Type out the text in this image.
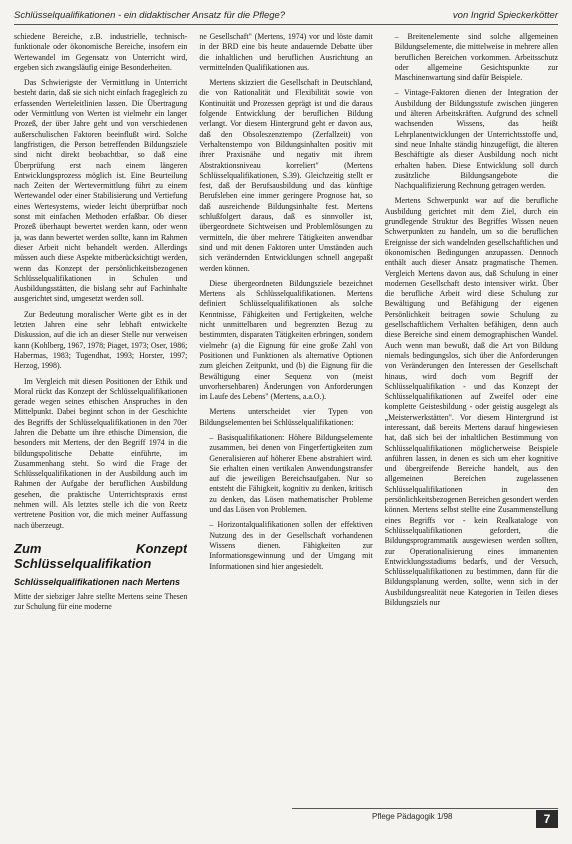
Schlüsselqualifikationen - ein didaktischer Ansatz für die Pflege?	von Ingrid Spieckerkötter

schiedene Bereiche, z.B. industrielle, technisch-funktionale oder ökonomische Bereiche, insofern ein Wertewandel im Gegensatz von Unterricht wird, ergeben sich zwangsläufig einige Besonderheiten.

Das Schwierigste der Vermittlung in Unterricht besteht darin, daß sie sich nicht einfach fragegleich zu erfassenden Werteleitlinien lassen. Die Übertragung oder Vermittlung von Werten ist vielmehr ein langer Prozeß, der über Jahre geht und von verschiedenen außerschulischen Faktoren beeinflußt wird. Solche langfristigen, die Person betreffenden Bildungsziele sind nicht direkt beobachtbar, so daß eine Überprüfung erst nach einem längeren Entwicklungsprozess möglich ist. Eine Beurteilung nach Zeiten der Wertevermittlung führt zu einem Wertewandel oder einer Stabilisierung und Vertiefung eines Wertesystems, wieder leicht überprüfbar noch sonst mit einfachen Methoden erfaßbar. Ob dieser Prozeß überhaupt bewertet werden kann, oder wenn ja, was dann bewertet werden sollte, kann im Rahmen dieser Arbeit nicht behandelt werden. Allerdings müssen auch diese Aspekte mitberücksichtigt werden, wenn das Konzept der persönlichkeitsbezogenen Schlüsselqualifikationen in Schulen und Ausbildungsstätten, die bislang sehr auf Fachinhalte ausgerichtet sind, umgesetzt werden soll.

Zur Bedeutung moralischer Werte gibt es in der letzten Jahren eine sehr lebhaft entwickelte Diskussion, auf die ich an dieser Stelle nur verweisen kann (Kohlberg, 1967, 1978; Piaget, 1973; Oser, 1986; Habermas, 1983; Tugendhat, 1993; Horster, 1997; Herzog, 1998).

Im Vergleich mit diesen Positionen der Ethik und Moral rückt das Konzept der Schlüsselqualifikationen gerade wegen seines ethischen Anspruches in den Mittelpunkt. Dabei beginnt schon in der Geschichte des Begriffs der Schlüsselqualifikationen in den 70er Jahren die Debatte um ihre ethische Dimension, die besonders mit Mertens, der den Begriff 1974 in die bildungspolitische Debatte einführte, im Zusammenhang steht. So wird die Frage der Schlüsselqualifikationen in der Ausbildung auch im Rahmen der Aufgabe der beruflichen Ausbildung gesehen, die praktische Unterrichtspraxis ernst nehmen will. Als letztes stelle ich die von Reetz vertretene Position vor, die mich meiner Auffassung nach überzeugt.

Zum Konzept Schlüsselqualifikation
Schlüsselqualifikationen nach Mertens

Mitte der siebziger Jahre stellte Mertens seine Thesen zur Schulung für eine moderne

ne Gesellschaft" (Mertens, 1974) vor und löste damit in der BRD eine bis heute andauernde Debatte über die inhaltlichen und beruflichen Ausrichtung an vermittelnden Qualifikationen aus.

Mertens skizziert die Gesellschaft in Deutschland, die von Rationalität und Flexibilität sowie von Kontinuität und Prozessen geprägt ist und die daraus folgende Entwicklung der beruflichen Bildung verlangt. Vor diesem Hintergrund geht er davon aus, daß den Obsoleszenztempo (Zerfallzeit) von Verhaltenstempo von Bildungsinhalten positiv mit ihrer Praxisnähe und negativ mit ihrem Abstraktionsniveau korreliert" (Mertens Schlüsselqualifikationen, S.39). Gleichzeitig stellt er fest, daß der Berufsausbildung und das künftige Berufsleben eine immer geringere Prognose hat, so daß ausreichende Bildungsinhalte fest. Mertens schlußfolgert daraus, daß es sinnvoller ist, übergeordnete Sichtweisen und Problemlösungen zu vermitteln, die über mehrere Tätigkeiten anwendbar sind und mit denen Faktoren unter Umständen auch sich verändernden Entwicklungen schnell angepaßt werden können.

Diese übergeordneten Bildungsziele bezeichnet Mertens als Schlüsselqualifikationen. Mertens definiert Schlüsselqualifikationen als solche Kenntnisse, Fähigkeiten und Fertigkeiten, welche nicht unmittelbaren und begrenzten Bezug zu bestimmten, disparaten Tätigkeiten erbringen, sondern vielmehr (a) die Eignung für eine große Zahl von Positionen und Funktionen als alternative Optionen zum gleichen Zeitpunkt, und (b) die Eignung für die Bewältigung einer Sequenz von (meist unvorhersehbaren) Änderungen von Anforderungen im Laufe des Lebens" (Mertens, a.a.O.).

Mertens unterscheidet vier Typen von Bildungselementen bei Schlüsselqualifikationen:

– Basisqualifikationen: Höhere Bildungselemente zusammen, bei denen von Fingerfertigkeiten zum Generalisieren auf höherer Ebene abstrahiert wird. Sie erhalten einen vertikalen Anwendungstransfer auf die jeweiligen Bereichsaufgaben. Nur so entsteht die Fähigkeit, kognitiv zu denken, kritisch zu denken, das Lösen mathematischer Probleme und das Lösen von Problemen.

– Horizontalqualifikationen sollen der effektiven Nutzung des in der Gesellschaft vorhandenen Wissens dienen. Fähigkeiten zur Informationsgewinnung und der Umgang mit Informationen sind hier angesiedelt.

– Breitenelemente sind solche allgemeinen Bildungselemente, die mittelweise in mehrere allen beruflichen Bereichen vorkommen. Arbeitsschutz oder allgemeine Gesichtspunkte zur Maschinenwartung sind dafür Beispiele.

– Vintage-Faktoren dienen der Integration der Ausbildung der Bildungsstufe zwischen jüngeren und älteren Arbeitskräften. Aufgrund des schnell wachsenden Wissens, das heißt Lehrplanentwicklungen der Unterrichtsstoffe und, sind neue Inhalte ständig hinzugefügt, die älteren Beschäftigte als dieser Ausbildung noch nicht erhalten haben. Diese Entwicklung soll durch zusätzliche Bildungsangebote die Nachqualifizierung Rechnung getragen werden.

Mertens Schwerpunkt war auf die berufliche Ausbildung gerichtet mit dem Ziel, durch ein grundlegende Struktur des Begriffes Wissen neuen Schwerpunkten zu handeln, um so die beruflichen Ereignisse der sich wandelnden gesellschaftlichen und ökonomischen Bedingungen anzupassen. Dennoch enthält auch dieser Ansatz pragmatische Themen. Vergleich Mertens davon aus, daß Schulung in einer modernen Gesellschaft desto intensiver wirkt. Über die berufliche Arbeit wird diese Schulung zur Bewältigung und Befähigung der eigenen Persönlichkeit beitragen sowie Schulung zu gesellschaftlichem Verhalten befähigen, denn auch diese Bereiche sind einem demographischen Wandel. Auch wenn man bewußt, daß die Art von Bildung niemals bedingungslos, sich über die Anforderungen von Veränderungen den Interessen der Gesellschaft hinaus, wird doch vom Begriff der Schlüsselqualifikation - und das Konzept der Schlüsselqualifikationen auf Zweifel oder eine komplette Geistesbildung - oder geistig ausgelegt als „Meisterwerkstätten". Vor diesem Hintergrund ist interessant, daß bereits Mertens darauf hingewiesen hat, daß sich bei der inhaltlichen Bestimmung von Schlüsselqualifikationen möglicherweise Beispiele anführen lassen, in denen es sich um eher kognitive und übergreifende Bereiche handelt, aus den allgemeinen Bereichen zugelassenen Schlüsselqualifikationen in den persönlichkeitsbezogenen Bereichen gesondert werden können. Mertens selbst stellte eine Zusammenstellung eines Begriffs vor - kein Realkataloge von Schlüsselqualifikationen gefordert, die Bildungsprogrammatik ausgewiesen werden sollten, zur Operationalisierung eines immanenten Entwicklungsstadiums bedarfs, und der Versuch, Schlüsselqualifikationen zu bestimmen, dann für die Bildungsplanung werden, sollte, wenn sich in der Ausbildungsrealität neue Kategorien in Teilen dieses Bildungsziels nur

Pflege Pädagogik 1/98	7
